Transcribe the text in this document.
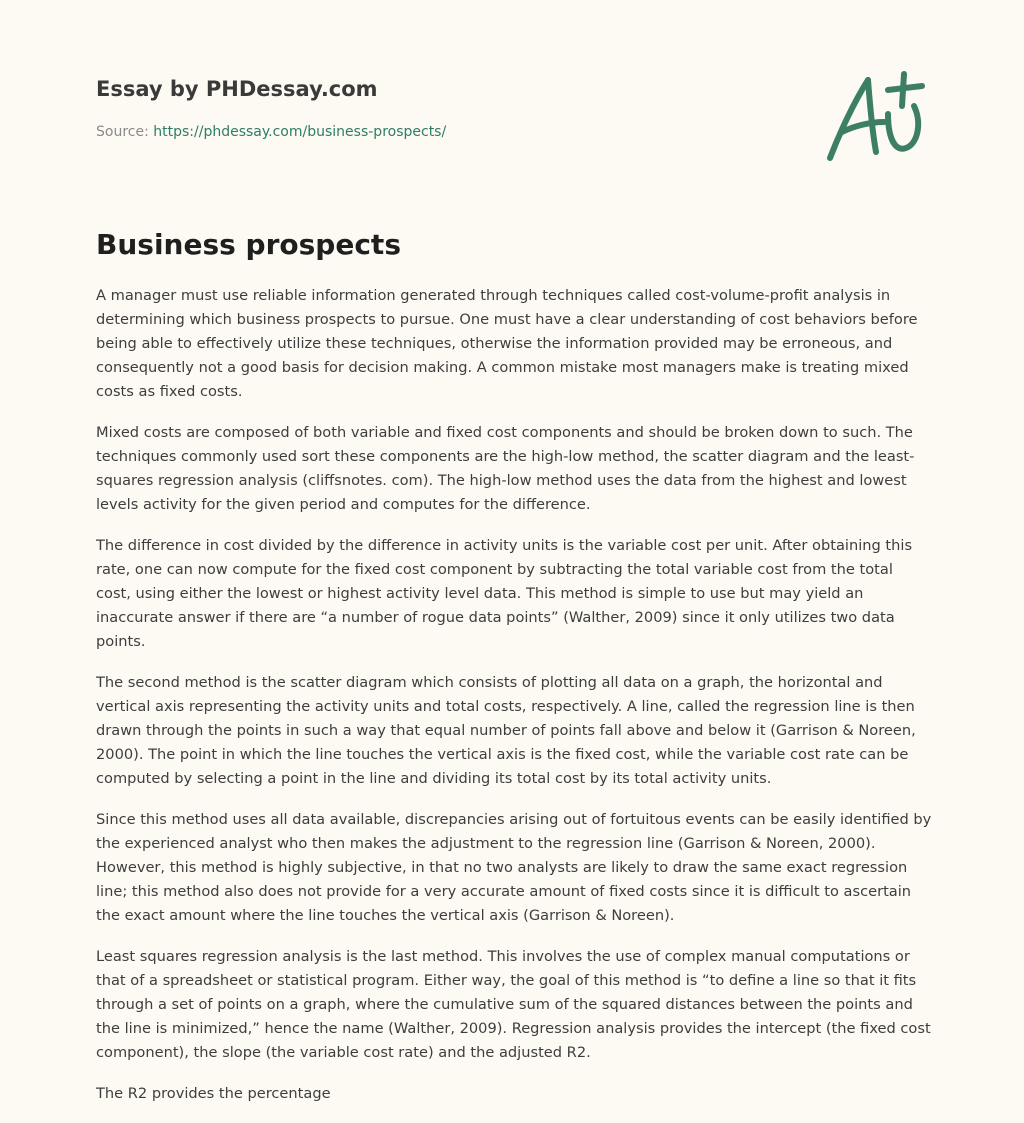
Essay by PHDessay.com
Source: https://phdessay.com/business-prospects/
Business prospects

A manager must use reliable information generated through techniques called cost-volume-profit analysis in determining which business prospects to pursue. One must have a clear understanding of cost behaviors before being able to effectively utilize these techniques, otherwise the information provided may be erroneous, and consequently not a good basis for decision making. A common mistake most managers make is treating mixed costs as fixed costs.

Mixed costs are composed of both variable and fixed cost components and should be broken down to such. The techniques commonly used sort these components are the high-low method, the scatter diagram and the least-squares regression analysis (cliffsnotes. com). The high-low method uses the data from the highest and lowest levels activity for the given period and computes for the difference.

The difference in cost divided by the difference in activity units is the variable cost per unit. After obtaining this rate, one can now compute for the fixed cost component by subtracting the total variable cost from the total cost, using either the lowest or highest activity level data. This method is simple to use but may yield an inaccurate answer if there are “a number of rogue data points” (Walther, 2009) since it only utilizes two data points.

The second method is the scatter diagram which consists of plotting all data on a graph, the horizontal and vertical axis representing the activity units and total costs, respectively. A line, called the regression line is then drawn through the points in such a way that equal number of points fall above and below it (Garrison & Noreen, 2000). The point in which the line touches the vertical axis is the fixed cost, while the variable cost rate can be computed by selecting a point in the line and dividing its total cost by its total activity units.

Since this method uses all data available, discrepancies arising out of fortuitous events can be easily identified by the experienced analyst who then makes the adjustment to the regression line (Garrison & Noreen, 2000). However, this method is highly subjective, in that no two analysts are likely to draw the same exact regression line; this method also does not provide for a very accurate amount of fixed costs since it is difficult to ascertain the exact amount where the line touches the vertical axis (Garrison & Noreen).

Least squares regression analysis is the last method. This involves the use of complex manual computations or that of a spreadsheet or statistical program. Either way, the goal of this method is “to define a line so that it fits through a set of points on a graph, where the cumulative sum of the squared distances between the points and the line is minimized,” hence the name (Walther, 2009). Regression analysis provides the intercept (the fixed cost component), the slope (the variable cost rate) and the adjusted R2.

The R2 provides the percentage
